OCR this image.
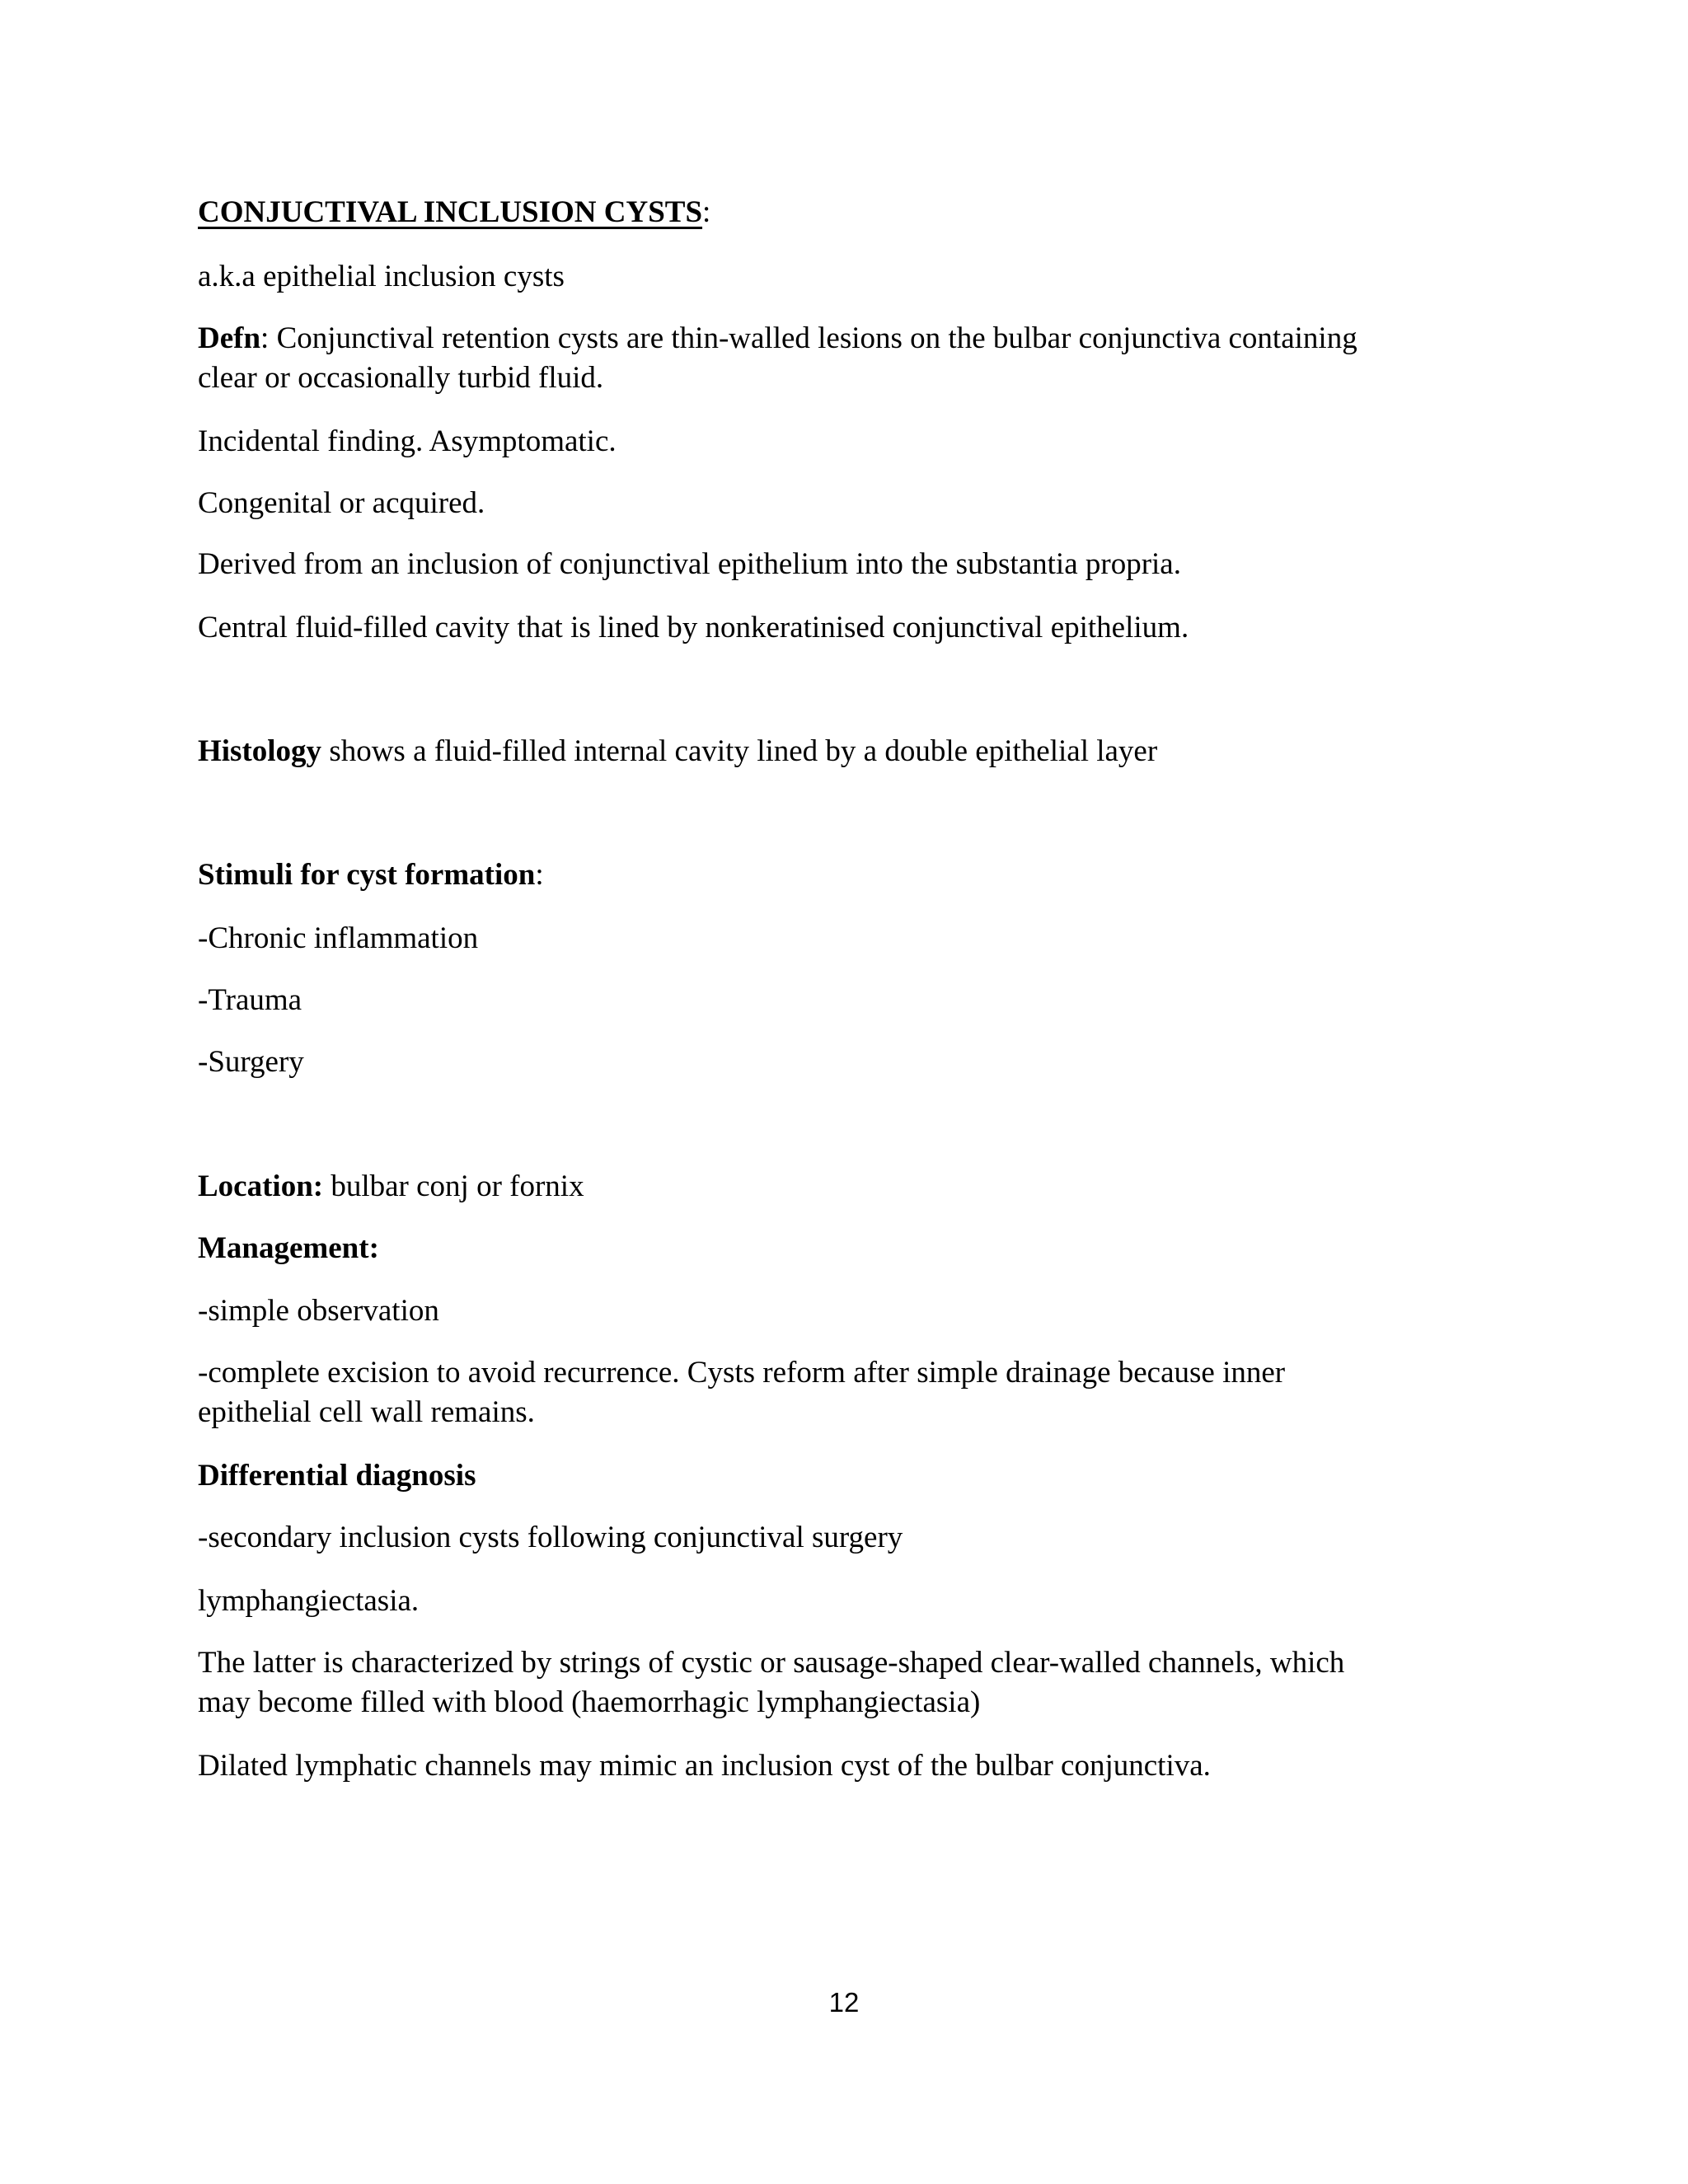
CONJUCTIVAL INCLUSION CYSTS:

a.k.a epithelial inclusion cysts

Defn: Conjunctival retention cysts are thin-walled lesions on the bulbar conjunctiva containing

clear or occasionally turbid fluid.

Incidental finding. Asymptomatic.

Congenital or acquired.

Derived from an inclusion of conjunctival epithelium into the substantia propria.

Central fluid-filled cavity that is lined by nonkeratinised conjunctival epithelium.

Histology shows a fluid-filled internal cavity lined by a double epithelial layer

Stimuli for cyst formation:

-Chronic inflammation

-Trauma

-Surgery

Location: bulbar conj or fornix

Management:

-simple observation

-complete excision to avoid recurrence. Cysts reform after simple drainage because inner

epithelial cell wall remains.

Differential diagnosis

-secondary inclusion cysts following conjunctival surgery

lymphangiectasia.

The latter is characterized by strings of cystic or sausage-shaped clear-walled channels, which

may become filled with blood (haemorrhagic lymphangiectasia)

Dilated lymphatic channels may mimic an inclusion cyst of the bulbar conjunctiva.

12
